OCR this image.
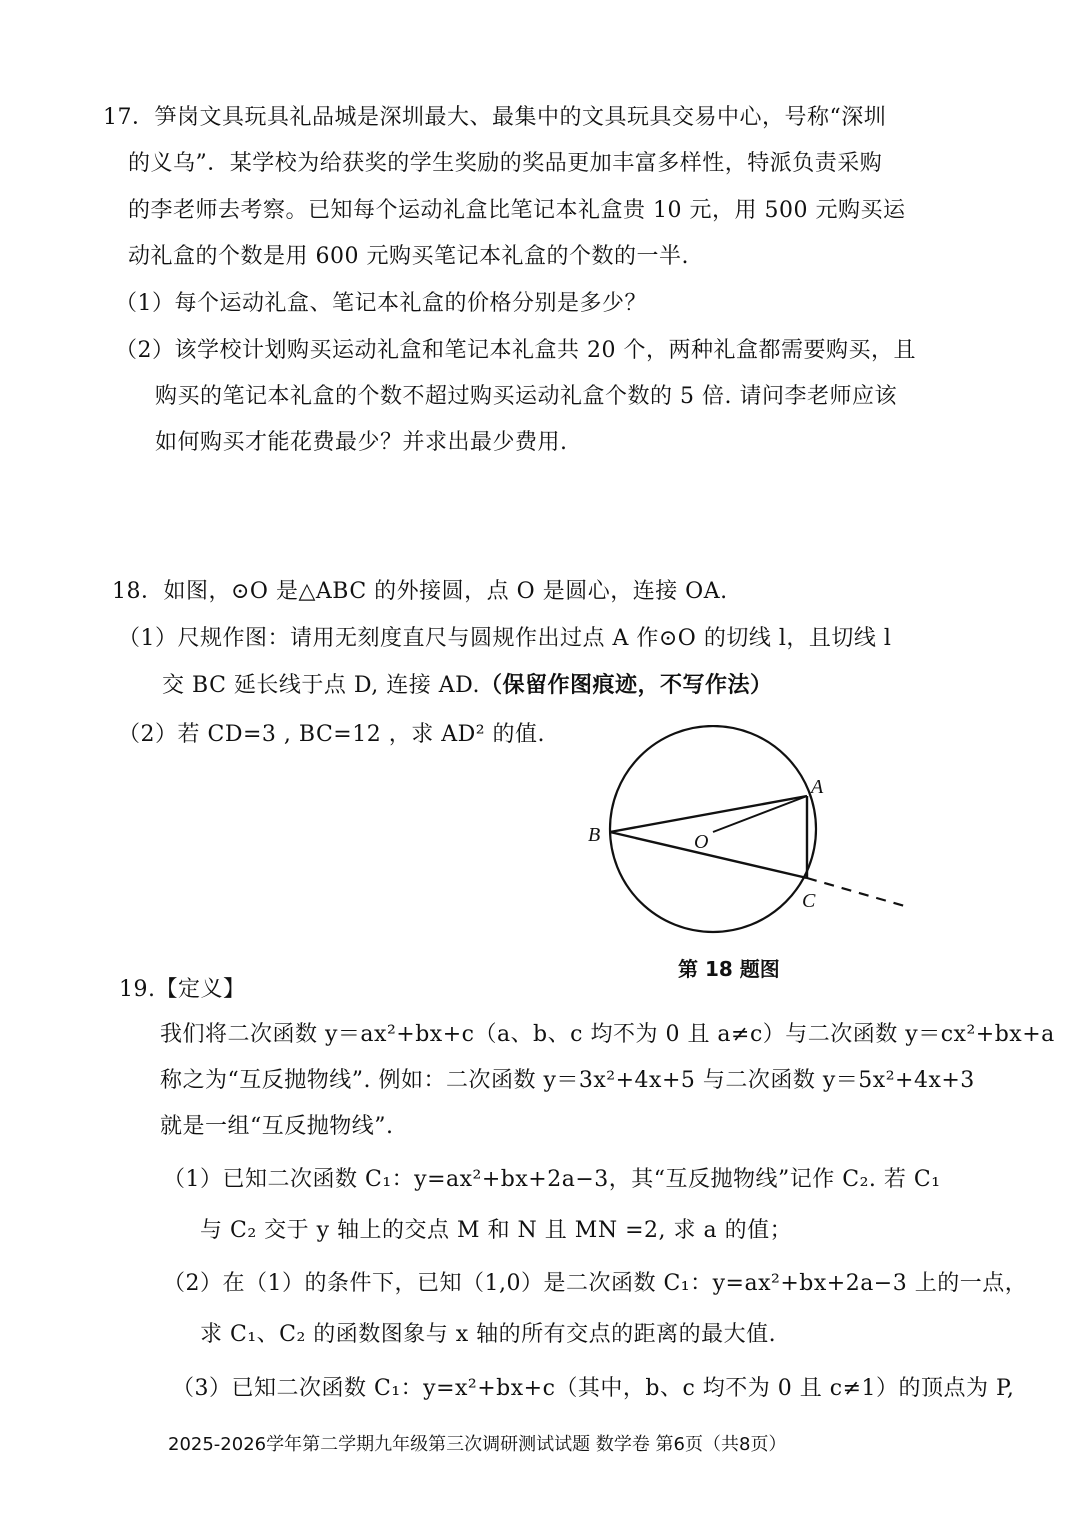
17．笋岗文具玩具礼品城是深圳最大、最集中的文具玩具交易中心，号称“深圳
的义乌”．某学校为给获奖的学生奖励的奖品更加丰富多样性，特派负责采购
的李老师去考察。已知每个运动礼盒比笔记本礼盒贵 10 元，用 500 元购买运
动礼盒的个数是用 600 元购买笔记本礼盒的个数的一半.
（1）每个运动礼盒、笔记本礼盒的价格分别是多少？
（2）该学校计划购买运动礼盒和笔记本礼盒共 20 个，两种礼盒都需要购买，且
购买的笔记本礼盒的个数不超过购买运动礼盒个数的 5 倍. 请问李老师应该
如何购买才能花费最少？并求出最少费用.
18．如图，⊙O 是△ABC 的外接圆，点 O 是圆心，连接 OA.
（1）尺规作图：请用无刻度直尺与圆规作出过点 A 作⊙O 的切线 l，且切线 l
交 BC 延长线于点 D, 连接 AD.（保留作图痕迹，不写作法）
（2）若 CD=3 , BC=12 ，求 AD² 的值.
A
B
C
O
第 18 题图
19.【定义】
我们将二次函数 y＝ax²+bx+c（a、b、c 均不为 0 且 a≠c）与二次函数 y＝cx²+bx+a
称之为“互反抛物线”. 例如：二次函数 y＝3x²+4x+5 与二次函数 y＝5x²+4x+3
就是一组“互反抛物线”.
（1）已知二次函数 C₁：y=ax²+bx+2a−3，其“互反抛物线”记作 C₂. 若 C₁
与 C₂ 交于 y 轴上的交点 M 和 N 且 MN =2, 求 a 的值；
（2）在（1）的条件下，已知（1,0）是二次函数 C₁：y=ax²+bx+2a−3 上的一点，
求 C₁、C₂ 的函数图象与 x 轴的所有交点的距离的最大值.
（3）已知二次函数 C₁：y=x²+bx+c（其中，b、c 均不为 0 且 c≠1）的顶点为 P,
2025-2026学年第二学期九年级第三次调研测试试题 数学卷 第6页（共8页）
